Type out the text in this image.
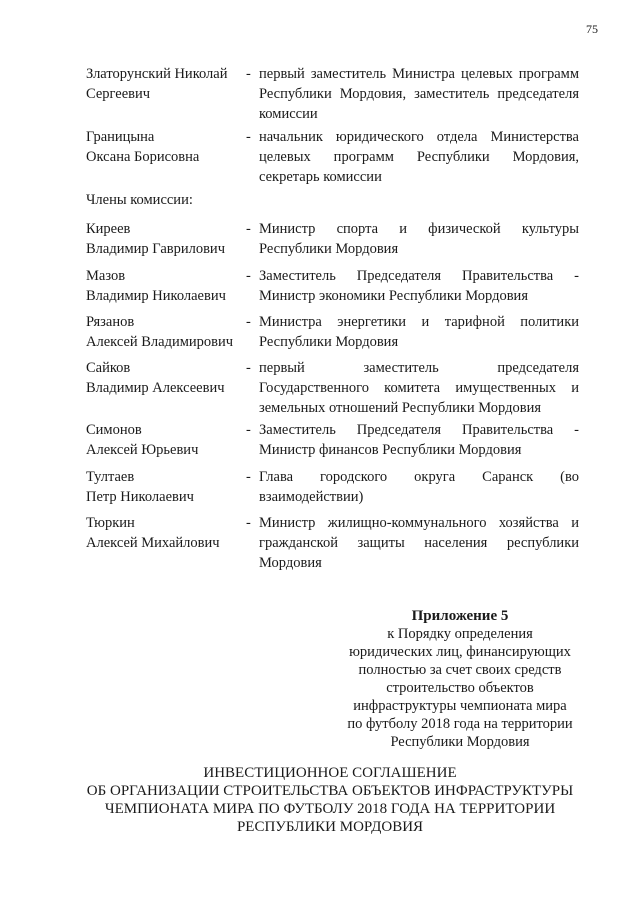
75
Златорунский Николай
Сергеевич
- первый заместитель Министра целевых программ Республики Мордовия, заместитель председателя комиссии
Границына
Оксана Борисовна
- начальник юридического отдела Министерства целевых программ Республики Мордовия, секретарь комиссии
Члены комиссии:
Киреев
Владимир Гаврилович
- Министр спорта и физической культуры Республики Мордовия
Мазов
Владимир Николаевич
- Заместитель Председателя Правительства - Министр экономики Республики Мордовия
Рязанов
Алексей Владимирович
- Министра энергетики и тарифной политики Республики Мордовия
Сайков
Владимир Алексеевич
- первый заместитель председателя Государственного комитета имущественных и земельных отношений Республики Мордовия
Симонов
Алексей Юрьевич
- Заместитель Председателя Правительства - Министр финансов Республики Мордовия
Тултаев
Петр Николаевич
- Глава городского округа Саранск (во взаимодействии)
Тюркин
Алексей Михайлович
- Министр жилищно-коммунального хозяйства и гражданской защиты населения республики Мордовия
Приложение 5
к Порядку определения
юридических лиц, финансирующих
полностью за счет своих средств
строительство объектов
инфраструктуры чемпионата мира
по футболу 2018 года на территории
Республики Мордовия
ИНВЕСТИЦИОННОЕ СОГЛАШЕНИЕ
ОБ ОРГАНИЗАЦИИ СТРОИТЕЛЬСТВА ОБЪЕКТОВ ИНФРАСТРУКТУРЫ
ЧЕМПИОНАТА МИРА ПО ФУТБОЛУ 2018 ГОДА НА ТЕРРИТОРИИ
РЕСПУБЛИКИ МОРДОВИЯ
